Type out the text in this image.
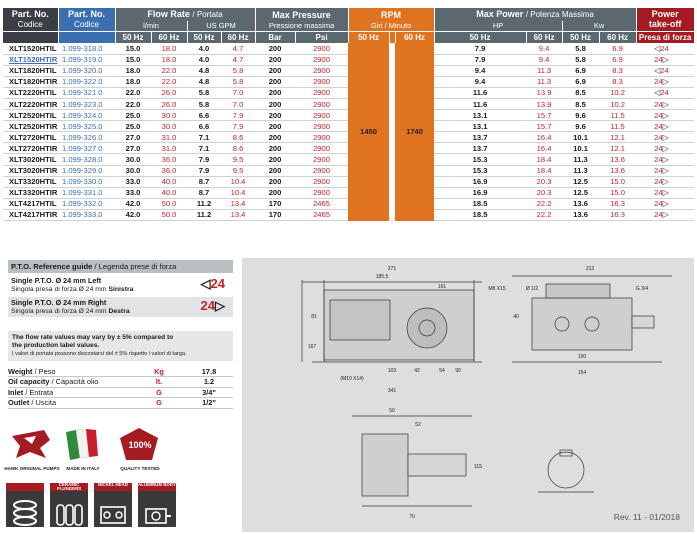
Part. No.
Codice	Part. No.
Codice	Flow Rate / Portata				Max Pressure		RPM			Max Power / Potenza Massima				Power
take-off
		l/min		US GPM		Pressione massima		Giri / Minuto			HP		Kw		
		50 Hz	60 Hz	50 Hz	60 Hz	Bar	Psi	50 Hz		60 Hz	50 Hz	60 Hz	50 Hz	60 Hz	Presa di forza
XLT1520HTIL	1.099-318.0	15.0	18.0	4.0	4.7	200	2900	1450		1740	7.9	9.4	5.8	6.9	◁24
XLT1520HTIR	1.099-319.0	15.0	18.0	4.0	4.7	200	2900				7.9	9.4	5.8	6.9	24▷
XLT1820HTIL	1.099-320.0	18.0	22.0	4.8	5.8	200	2900				9.4	11.3	6.9	8.3	◁24
XLT1820HTIR	1.099-322.0	18.0	22.0	4.8	5.8	200	2900				9.4	11.3	6.9	8.3	24▷
XLT2220HTIL	1.099-321.0	22.0	26.0	5.8	7.0	200	2900				11.6	13.9	8.5	10.2	◁24
XLT2220HTIR	1.099-323.0	22.0	26.0	5.8	7.0	200	2900				11.6	13.9	8.5	10.2	24▷
XLT2520HTIL	1.099-324.0	25.0	30.0	6.6	7.9	200	2900				13.1	15.7	9.6	11.5	24▷
XLT2520HTIR	1.099-325.0	25.0	30.0	6.6	7.9	200	2900				13.1	15.7	9.6	11.5	24▷
XLT2720HTIL	1.099-326.0	27.0	31.0	7.1	8.6	200	2900				13.7	16.4	10.1	12.1	24▷
XLT2720HTIR	1.099-327.0	27.0	31.0	7.1	8.6	200	2900				13.7	16.4	10.1	12.1	24▷
XLT3020HTIL	1.099-328.0	30.0	36.0	7.9	9.5	200	2900				15.3	18.4	11.3	13.6	24▷
XLT3020HTIR	1.099-329.0	30.0	36.0	7.9	9.5	200	2900				15.3	18.4	11.3	13.6	24▷
XLT3320HTIL	1.099-330.0	33.0	40.0	8.7	10.4	200	2900				16.9	20.3	12.5	15.0	24▷
XLT3320HTIR	1.099-331.0	33.0	40.0	8.7	10.4	200	2900				16.9	20.3	12.5	15.0	24▷
XLT4217HTIL	1.099-332.0	42.0	50.0	11.2	13.4	170	2465				18.5	22.2	13.6	16.3	24▷
XLT4217HTIR	1.099-333.0	42.0	50.0	11.2	13.4	170	2465				18.5	22.2	13.6	16.3	24▷
P.T.O. Reference guide / Legenda prese di forza
Single P.T.O. Ø 24 mm Left
Singola presa di forza Ø 24 mm Sinistra	◁24
Single P.T.O. Ø 24 mm Right
Singola presa di forza Ø 24 mm Destra	24▷
The flow rate values may vary by ± 5% compared to
the production label values.
I valori di portata possono discostarsi del ± 5% rispetto i valori di targa.
Weight / Peso	Kg	17.8
Oil capacity / Capacità olio	lt.	1.2
Inlet / Entrata	G	3/4"
Outlet / Uscita	G	1/2"
HAWK ORIGINAL PUMPS	MADE IN ITALY
100%
QUALITY TESTED
CERAMIC PLUNGERS
NICKEL HEAD	ALUMINUM BODY
271
185.5
161
81
M8 X15
341
167
(M10 X14)
103	42	54 90
213
40
154
100
Ø 1/2	G 3/4
50
52
115
70	Rev. 11 - 01/2018
